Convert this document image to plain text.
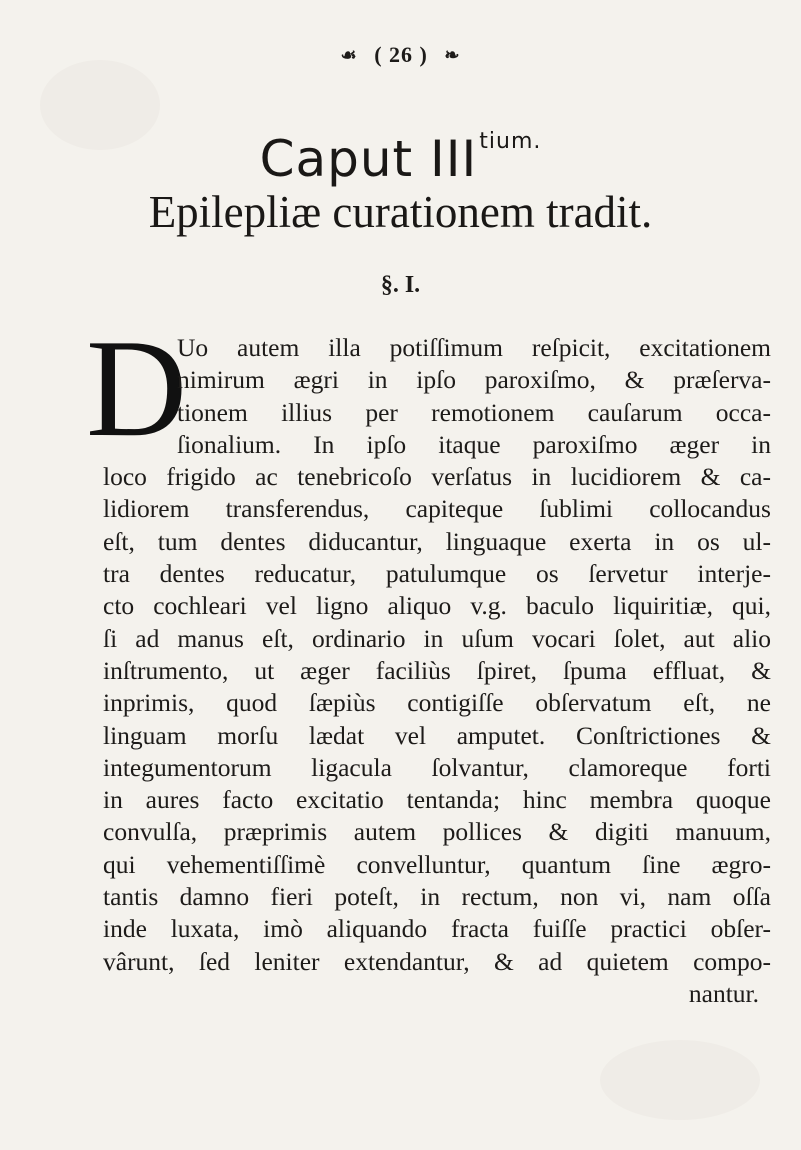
☙ ( 26 ) ❧
Caput $III^{tium.}$
Epilepliæ curationem tradit.
§. I.
D
Uo autem illa potiſſimum reſpicit, excitationem
nimirum ægri in ipſo paroxiſmo, & præſerva-
tionem illius per remotionem cauſarum occa-
ſionalium. In ipſo itaque paroxiſmo æger in
loco frigido ac tenebricoſo verſatus in lucidiorem & ca-
lidiorem transferendus, capiteque ſublimi collocandus
eſt, tum dentes diducantur, linguaque exerta in os ul-
tra dentes reducatur, patulumque os ſervetur interje-
cto cochleari vel ligno aliquo v.g. baculo liquiritiæ, qui,
ſi ad manus eſt, ordinario in uſum vocari ſolet, aut alio
inſtrumento, ut æger faciliùs ſpiret, ſpuma effluat, &
inprimis, quod ſæpiùs contigiſſe obſervatum eſt, ne
linguam morſu lædat vel amputet. Conſtrictiones &
integumentorum ligacula ſolvantur, clamoreque forti
in aures facto excitatio tentanda; hinc membra quoque
convulſa, præprimis autem pollices & digiti manuum,
qui vehementiſſimè convelluntur, quantum ſine ægro-
tantis damno fieri poteſt, in rectum, non vi, nam oſſa
inde luxata, imò aliquando fracta fuiſſe practici obſer-
vârunt, ſed leniter extendantur, & ad quietem compo-
nantur.
